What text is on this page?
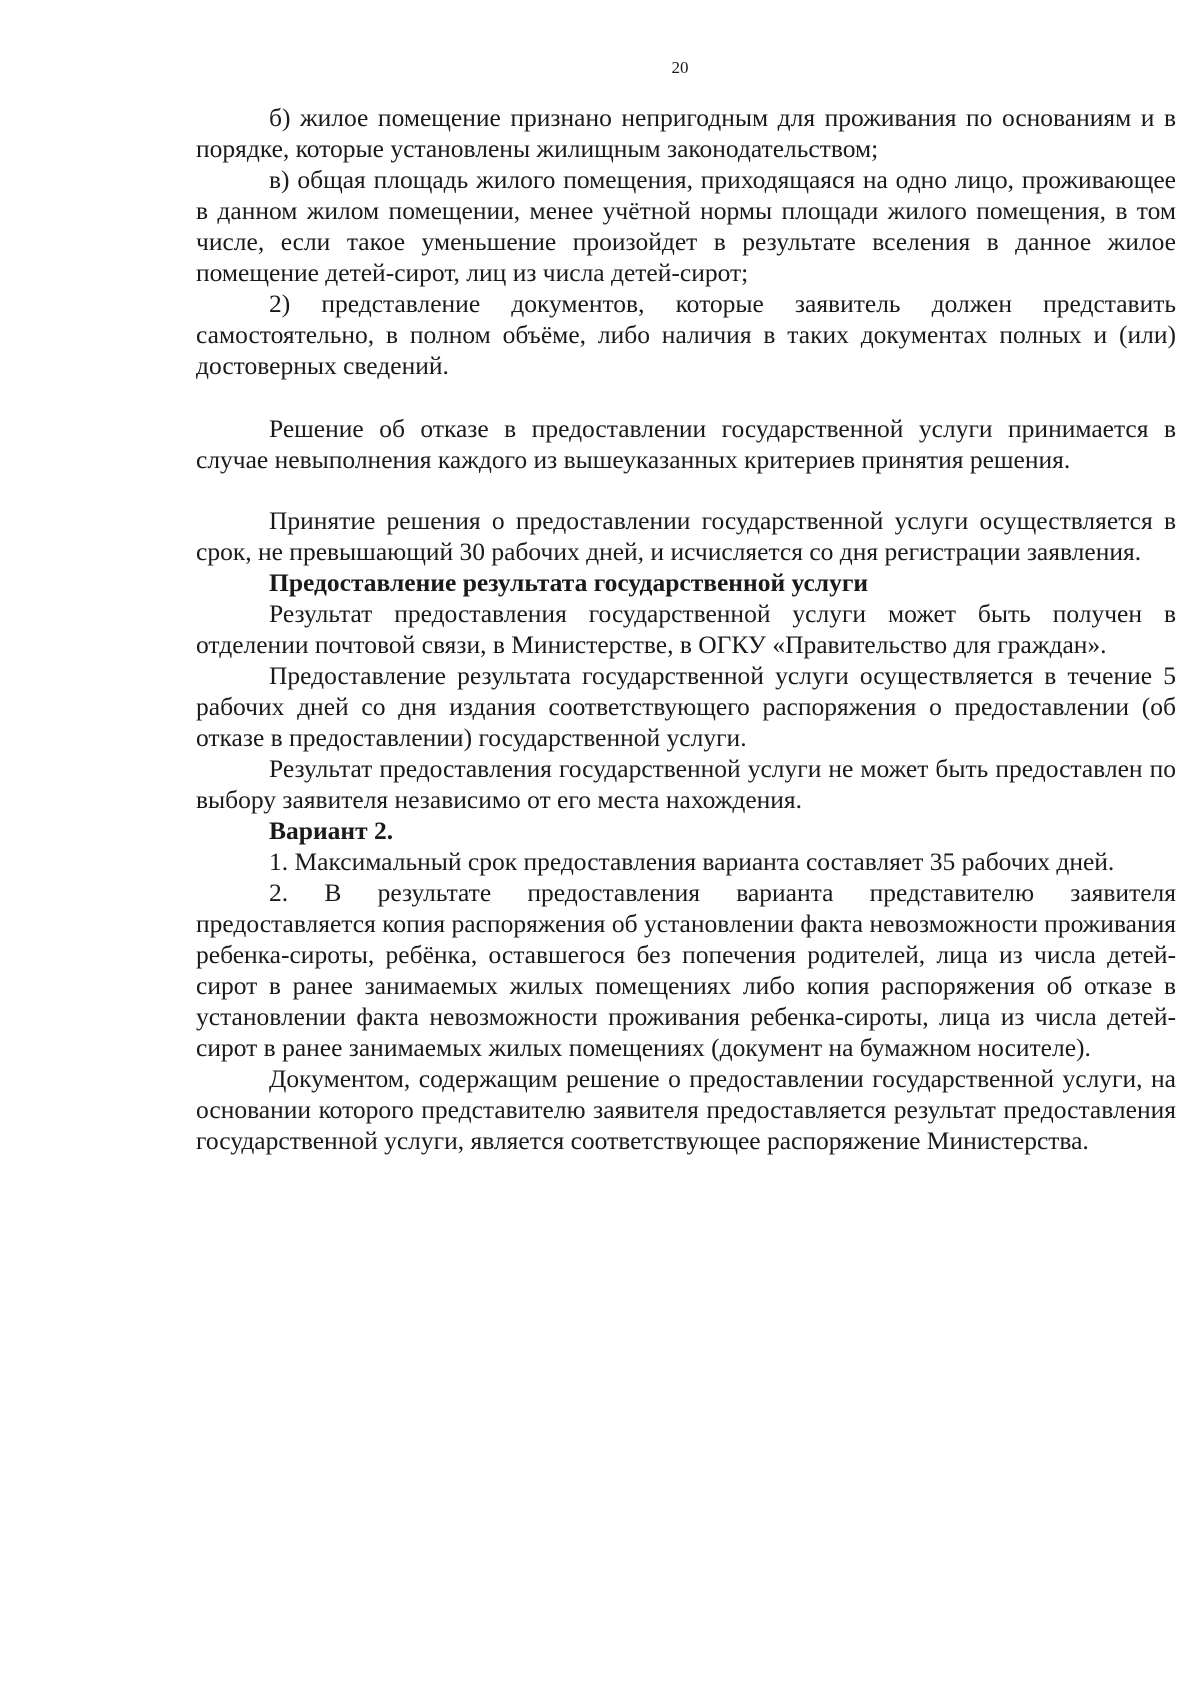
20

б) жилое помещение признано непригодным для проживания по основаниям и в порядке, которые установлены жилищным законодательством;

в) общая площадь жилого помещения, приходящаяся на одно лицо, проживающее в данном жилом помещении, менее учётной нормы площади жилого помещения, в том числе, если такое уменьшение произойдет в результате вселения в данное жилое помещение детей-сирот, лиц из числа детей-сирот;

2) представление документов, которые заявитель должен представить самостоятельно, в полном объёме, либо наличия в таких документах полных и (или) достоверных сведений.

Решение об отказе в предоставлении государственной услуги принимается в случае невыполнения каждого из вышеуказанных критериев принятия решения.

Принятие решения о предоставлении государственной услуги осуществляется в срок, не превышающий 30 рабочих дней, и исчисляется со дня регистрации заявления.

Предоставление результата государственной услуги

Результат предоставления государственной услуги может быть получен в отделении почтовой связи, в Министерстве, в ОГКУ «Правительство для граждан».

Предоставление результата государственной услуги осуществляется в течение 5 рабочих дней со дня издания соответствующего распоряжения о предоставлении (об отказе в предоставлении) государственной услуги.

Результат предоставления государственной услуги не может быть предоставлен по выбору заявителя независимо от его места нахождения.

Вариант 2.

1. Максимальный срок предоставления варианта составляет 35 рабочих дней.

2. В результате предоставления варианта представителю заявителя предоставляется копия распоряжения об установлении факта невозможности проживания ребенка-сироты, ребёнка, оставшегося без попечения родителей, лица из числа детей-сирот в ранее занимаемых жилых помещениях либо копия распоряжения об отказе в установлении факта невозможности проживания ребенка-сироты, лица из числа детей-сирот в ранее занимаемых жилых помещениях (документ на бумажном носителе).

Документом, содержащим решение о предоставлении государственной услуги, на основании которого представителю заявителя предоставляется результат предоставления государственной услуги, является соответствующее распоряжение Министерства.
